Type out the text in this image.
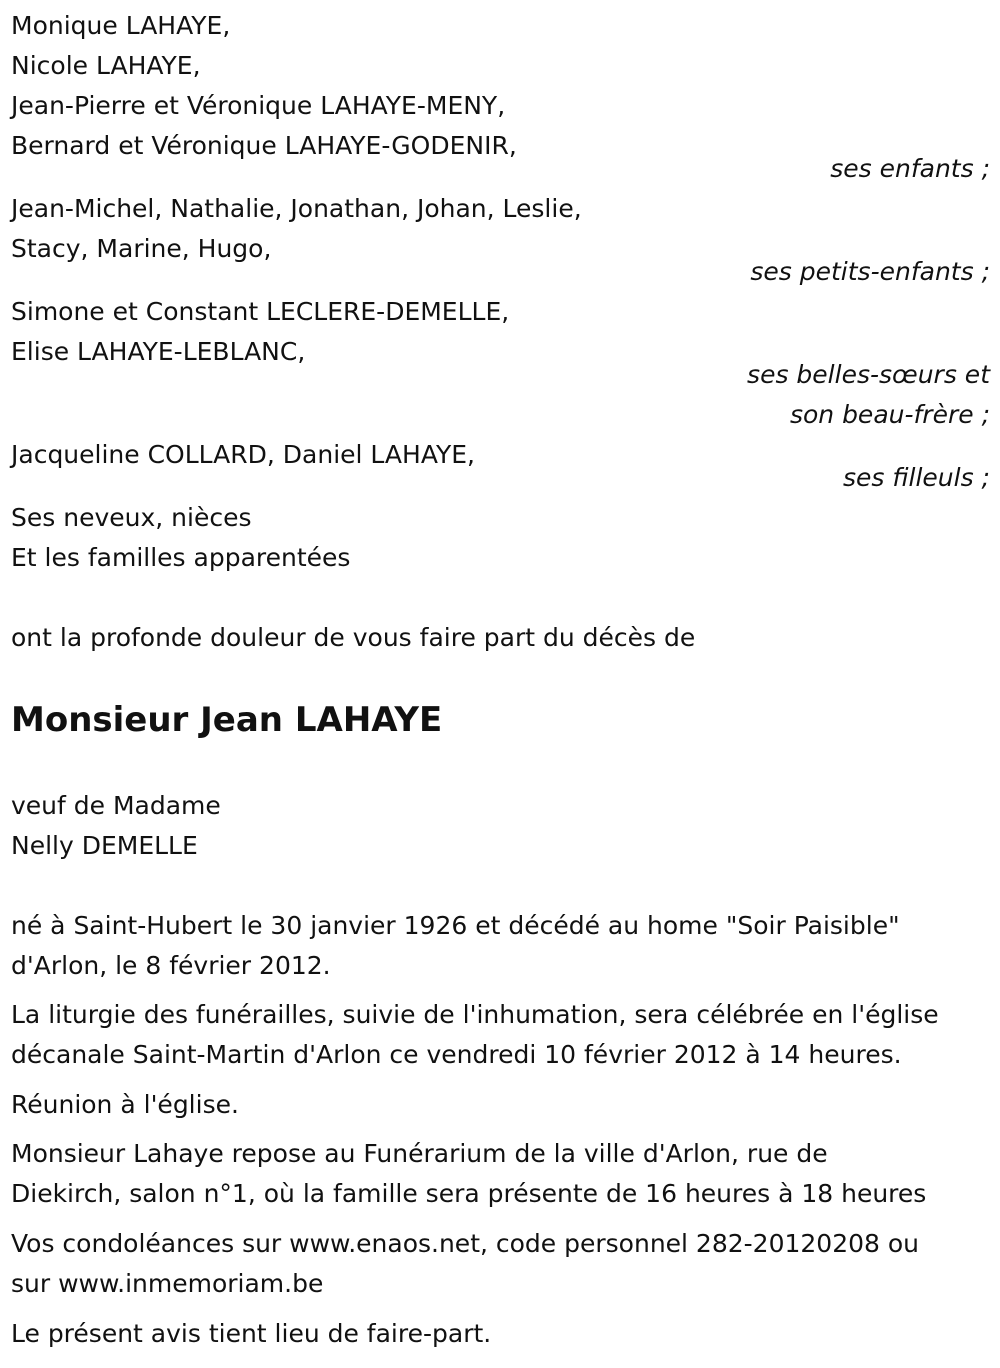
Monique LAHAYE,
Nicole LAHAYE,
Jean-Pierre et Véronique LAHAYE-MENY,
Bernard et Véronique LAHAYE-GODENIR,
ses enfants ;
Jean-Michel, Nathalie, Jonathan, Johan, Leslie,
Stacy, Marine, Hugo,
ses petits-enfants ;
Simone et Constant LECLERE-DEMELLE,
Elise LAHAYE-LEBLANC,
ses belles-sœurs et
son beau-frère ;
Jacqueline COLLARD, Daniel LAHAYE,
ses filleuls ;
Ses neveux, nièces
Et les familles apparentées
ont la profonde douleur de vous faire part du décès de
Monsieur Jean LAHAYE
veuf de Madame
Nelly DEMELLE
né à Saint-Hubert le 30 janvier 1926 et décédé au home "Soir Paisible"
d'Arlon, le 8 février 2012.
La liturgie des funérailles, suivie de l'inhumation, sera célébrée en l'église
décanale Saint-Martin d'Arlon ce vendredi 10 février 2012 à 14 heures.
Réunion à l'église.
Monsieur Lahaye repose au Funérarium de la ville d'Arlon, rue de
Diekirch, salon n°1, où la famille sera présente de 16 heures à 18 heures
Vos condoléances sur www.enaos.net, code personnel 282-20120208 ou
sur www.inmemoriam.be
Le présent avis tient lieu de faire-part.
